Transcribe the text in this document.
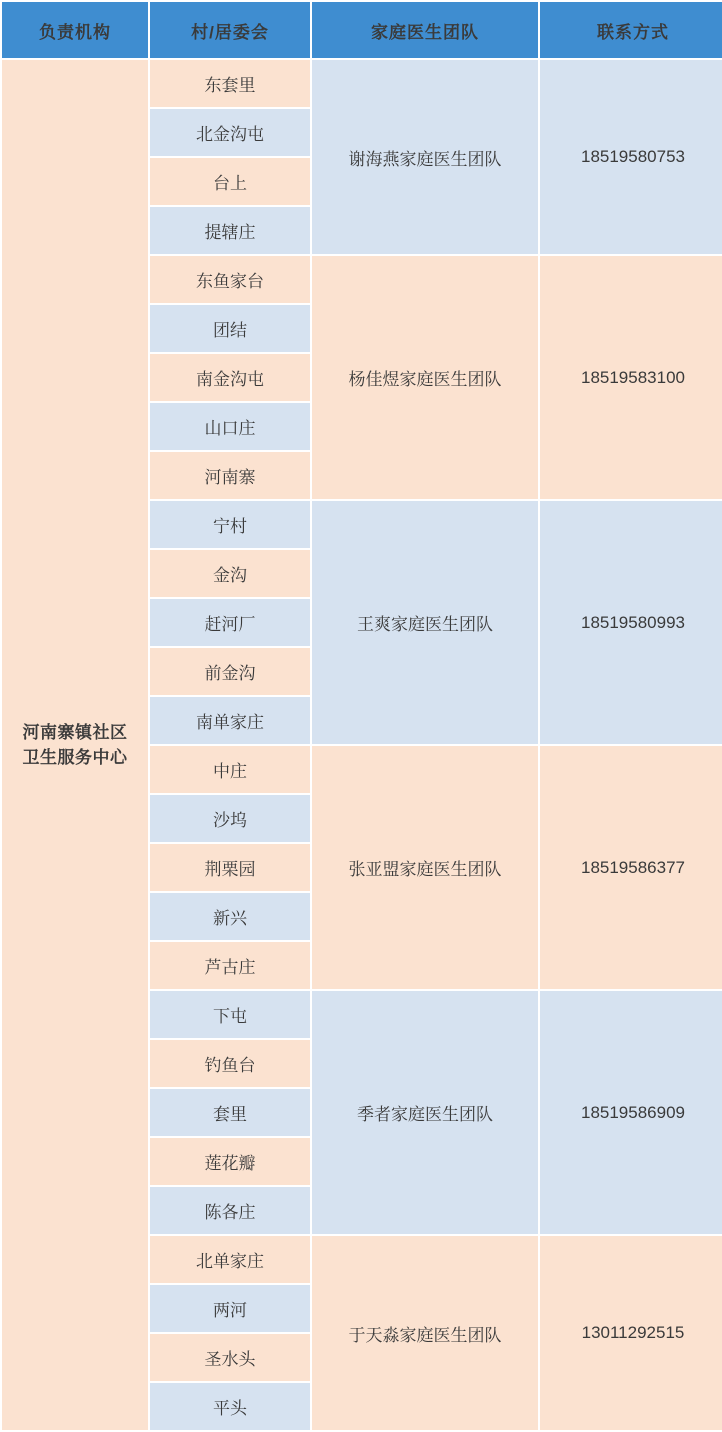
负责机构	村/居委会	家庭医生团队	联系方式

河南寨镇社区
卫生服务中心	东套里	谢海燕家庭医生团队	18519580753
	北金沟屯		
	台上		
	提辖庄		
	东鱼家台	杨佳煜家庭医生团队	18519583100
	团结		
	南金沟屯		
	山口庄		
	河南寨		
	宁村	王爽家庭医生团队	18519580993
	金沟		
	赶河厂		
	前金沟		
	南单家庄		
	中庄	张亚盟家庭医生团队	18519586377
	沙坞		
	荆栗园		
	新兴		
	芦古庄		
	下屯	季者家庭医生团队	18519586909
	钓鱼台		
	套里		
	莲花瓣		
	陈各庄		
	北单家庄	于天淼家庭医生团队	13011292515
	两河		
	圣水头		
	平头		
